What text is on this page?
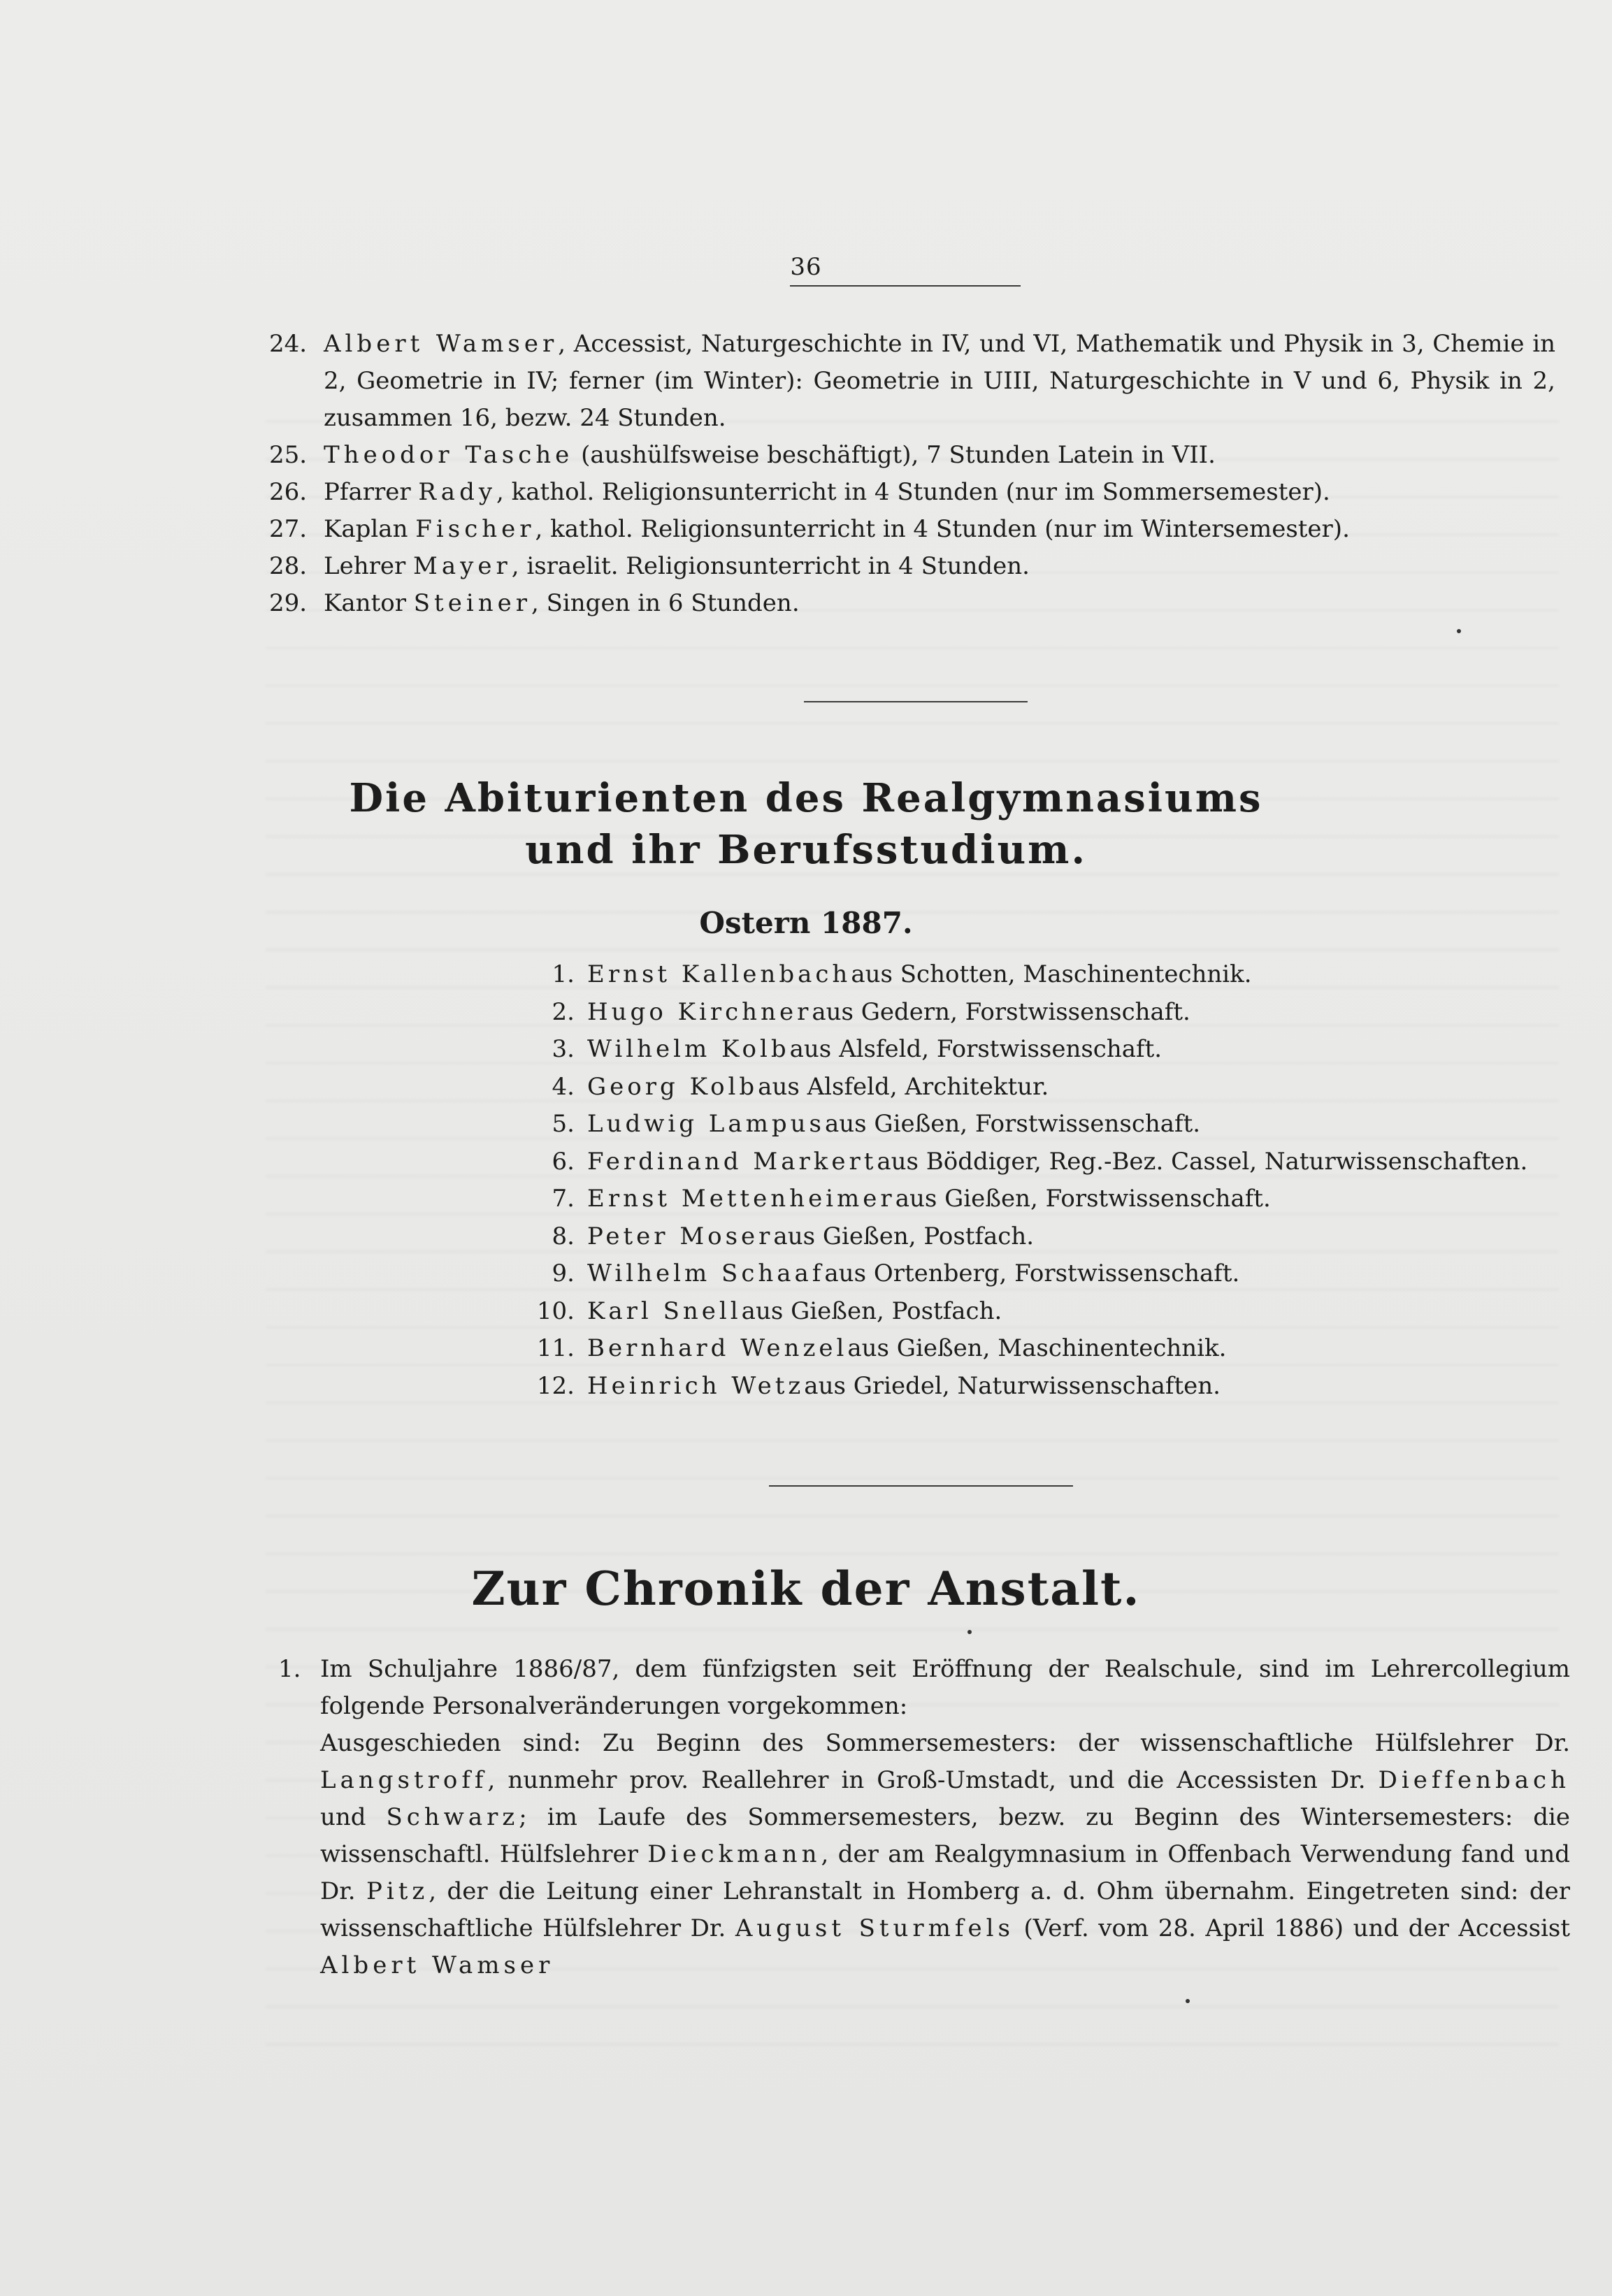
36
24. Albert Wamser, Accessist, Naturgeschichte in IV, und VI, Mathematik und Physik in 3, Chemie in 2, Geometrie in IV; ferner (im Winter): Geometrie in UIII, Naturgeschichte in V und 6, Physik in 2, zusammen 16, bezw. 24 Stunden.
25. Theodor Tasche (aushülfsweise beschäftigt), 7 Stunden Latein in VII.
26. Pfarrer Rady, kathol. Religionsunterricht in 4 Stunden (nur im Sommersemester).
27. Kaplan Fischer, kathol. Religionsunterricht in 4 Stunden (nur im Wintersemester).
28. Lehrer Mayer, israelit. Religionsunterricht in 4 Stunden.
29. Kantor Steiner, Singen in 6 Stunden.
Die Abiturienten des Realgymnasiums
und ihr Berufsstudium.
Ostern 1887.
1. Ernst Kallenbach aus Schotten, Maschinentechnik.
2. Hugo Kirchner aus Gedern, Forstwissenschaft.
3. Wilhelm Kolb aus Alsfeld, Forstwissenschaft.
4. Georg Kolb aus Alsfeld, Architektur.
5. Ludwig Lampus aus Gießen, Forstwissenschaft.
6. Ferdinand Markert aus Böddiger, Reg.-Bez. Cassel, Naturwissenschaften.
7. Ernst Mettenheimer aus Gießen, Forstwissenschaft.
8. Peter Moser aus Gießen, Postfach.
9. Wilhelm Schaaf aus Ortenberg, Forstwissenschaft.
10. Karl Snell aus Gießen, Postfach.
11. Bernhard Wenzel aus Gießen, Maschinentechnik.
12. Heinrich Wetz aus Griedel, Naturwissenschaften.
Zur Chronik der Anstalt.
1. Im Schuljahre 1886/87, dem fünfzigsten seit Eröffnung der Realschule, sind im Lehrercollegium folgende Personalveränderungen vorgekommen:

Ausgeschieden sind: Zu Beginn des Sommersemesters: der wissenschaftliche Hülfslehrer Dr. Langstroff, nunmehr prov. Reallehrer in Groß-Umstadt, und die Accessisten Dr. Dieffenbach und Schwarz; im Laufe des Sommersemesters, bezw. zu Beginn des Wintersemesters: die wissenschaftl. Hülfslehrer Dieckmann, der am Realgymnasium in Offenbach Verwendung fand und Dr. Pitz, der die Leitung einer Lehranstalt in Homberg a. d. Ohm übernahm. Eingetreten sind: der wissenschaftliche Hülfslehrer Dr. August Sturmfels (Verf. vom 28. April 1886) und der Accessist Albert Wamser
